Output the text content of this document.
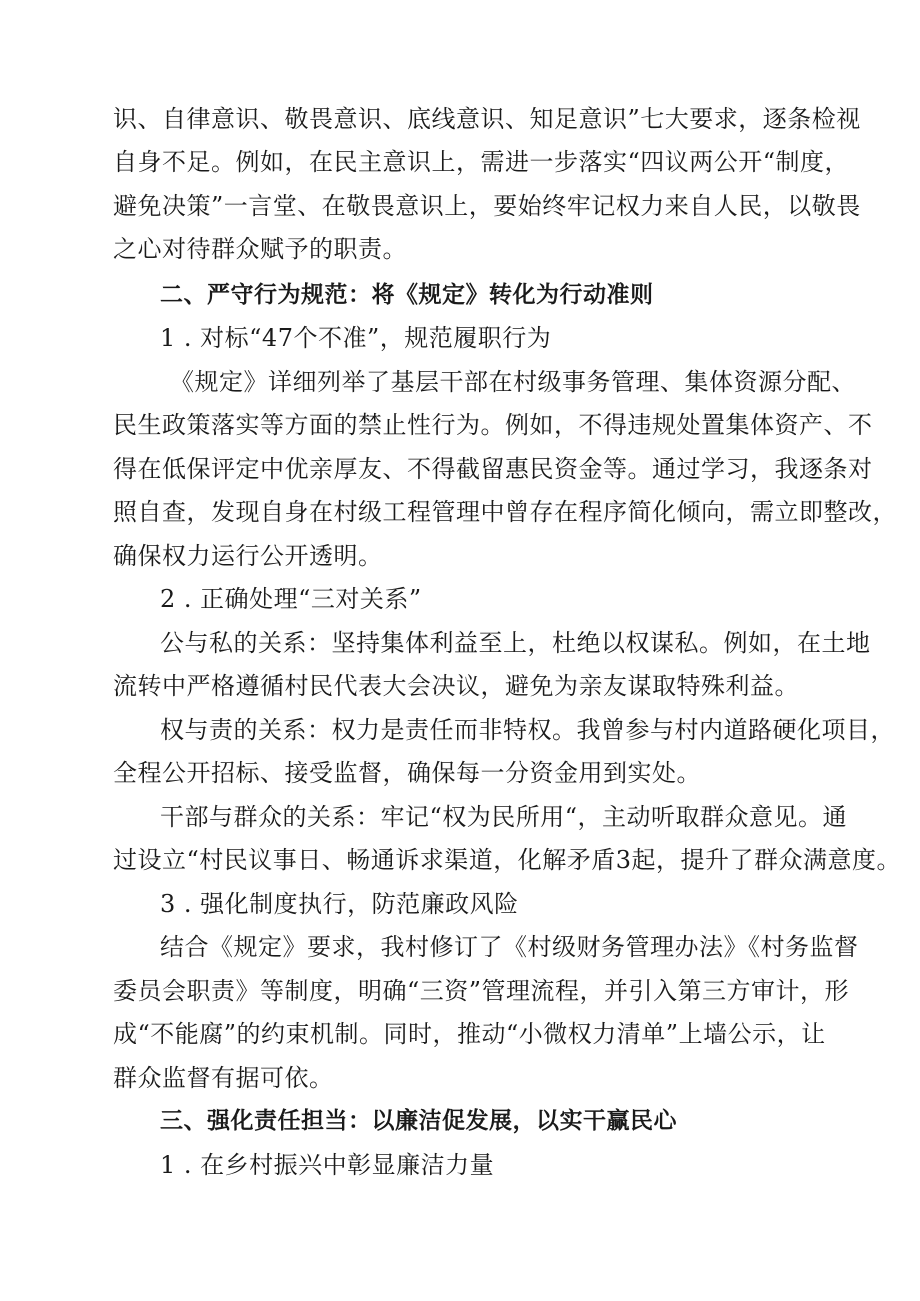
识、自律意识、敬畏意识、底线意识、知足意识”七大要求，逐条检视
自身不足。例如，在民主意识上，需进一步落实“四议两公开“制度，
避免决策”一言堂、在敬畏意识上，要始终牢记权力来自人民，以敬畏
之心对待群众赋予的职责。
二、严守行为规范：将《规定》转化为行动准则
1 . 对标“47个不准”，规范履职行为
《规定》详细列举了基层干部在村级事务管理、集体资源分配、
民生政策落实等方面的禁止性行为。例如，不得违规处置集体资产、不
得在低保评定中优亲厚友、不得截留惠民资金等。通过学习，我逐条对
照自查，发现自身在村级工程管理中曾存在程序简化倾向，需立即整改，
确保权力运行公开透明。
2 . 正确处理“三对关系”
公与私的关系：坚持集体利益至上，杜绝以权谋私。例如，在土地
流转中严格遵循村民代表大会决议，避免为亲友谋取特殊利益。
权与责的关系：权力是责任而非特权。我曾参与村内道路硬化项目，
全程公开招标、接受监督，确保每一分资金用到实处。
干部与群众的关系：牢记“权为民所用“，主动听取群众意见。通
过设立“村民议事日、畅通诉求渠道，化解矛盾3起，提升了群众满意度。
3 . 强化制度执行，防范廉政风险
结合《规定》要求，我村修订了《村级财务管理办法》《村务监督
委员会职责》等制度，明确“三资”管理流程，并引入第三方审计，形
成“不能腐”的约束机制。同时，推动“小微权力清单”上墙公示，让
群众监督有据可依。
三、强化责任担当：以廉洁促发展，以实干赢民心
1 . 在乡村振兴中彰显廉洁力量
